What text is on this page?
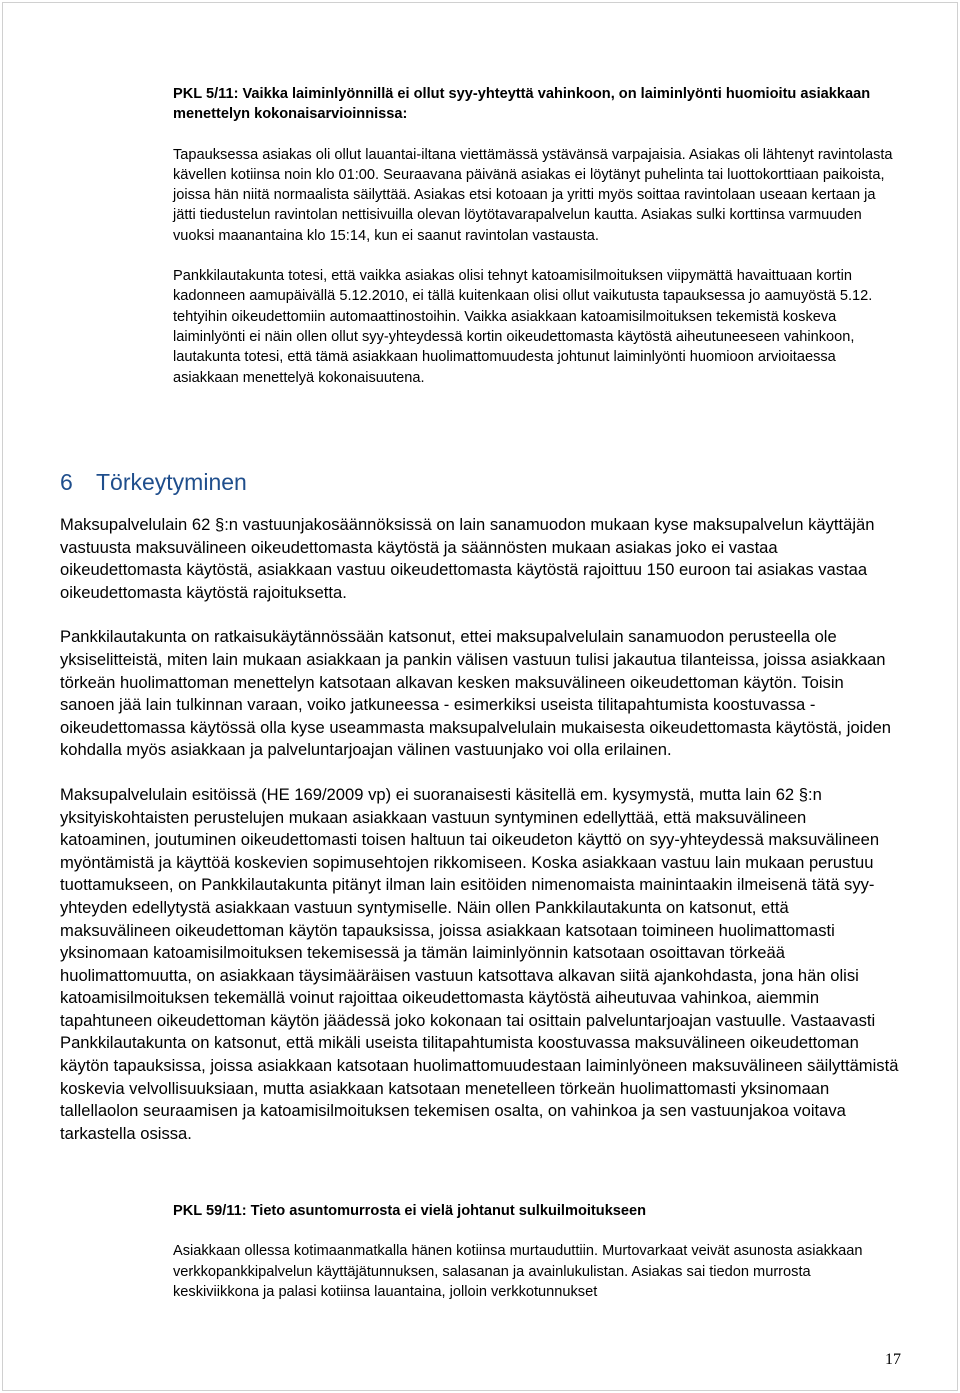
PKL 5/11: Vaikka laiminlyönnillä ei ollut syy-yhteyttä vahinkoon, on laiminlyönti huomioitu asiakkaan menettelyn kokonaisarvioinnissa:

Tapauksessa asiakas oli ollut lauantai-iltana viettämässä ystävänsä varpajaisia. Asiakas oli lähtenyt ravintolasta kävellen kotiinsa noin klo 01:00. Seuraavana päivänä asiakas ei löytänyt puhelinta tai luottokorttiaan paikoista, joissa hän niitä normaalista säilyttää. Asiakas etsi kotoaan ja yritti myös soittaa ravintolaan useaan kertaan ja jätti tiedustelun ravintolan nettisivuilla olevan löytötavarapalvelun kautta. Asiakas sulki korttinsa varmuuden vuoksi maanantaina klo 15:14, kun ei saanut ravintolan vastausta.

Pankkilautakunta totesi, että vaikka asiakas olisi tehnyt katoamisilmoituksen viipymättä havaittuaan kortin kadonneen aamupäivällä 5.12.2010, ei tällä kuitenkaan olisi ollut vaikutusta tapauksessa jo aamuyöstä 5.12. tehtyihin oikeudettomiin automaattinostoihin. Vaikka asiakkaan katoamisilmoituksen tekemistä koskeva laiminlyönti ei näin ollen ollut syy-yhteydessä kortin oikeudettomasta käytöstä aiheutuneeseen vahinkoon, lautakunta totesi, että tämä asiakkaan huolimattomuudesta johtunut laiminlyönti huomioon arvioitaessa asiakkaan menettelyä kokonaisuutena.

6 Törkeytyminen

Maksupalvelulain 62 §:n vastuunjakosäännöksissä on lain sanamuodon mukaan kyse maksupalvelun käyttäjän vastuusta maksuvälineen oikeudettomasta käytöstä ja säännösten mukaan asiakas joko ei vastaa oikeudettomasta käytöstä, asiakkaan vastuu oikeudettomasta käytöstä rajoittuu 150 euroon tai asiakas vastaa oikeudettomasta käytöstä rajoituksetta.

Pankkilautakunta on ratkaisukäytännössään katsonut, ettei maksupalvelulain sanamuodon perusteella ole yksiselitteistä, miten lain mukaan asiakkaan ja pankin välisen vastuun tulisi jakautua tilanteissa, joissa asiakkaan törkeän huolimattoman menettelyn katsotaan alkavan kesken maksuvälineen oikeudettoman käytön. Toisin sanoen jää lain tulkinnan varaan, voiko jatkuneessa - esimerkiksi useista tilitapahtumista koostuvassa - oikeudettomassa käytössä olla kyse useammasta maksupalvelulain mukaisesta oikeudettomasta käytöstä, joiden kohdalla myös asiakkaan ja palveluntarjoajan välinen vastuunjako voi olla erilainen.

Maksupalvelulain esitöissä (HE 169/2009 vp) ei suoranaisesti käsitellä em. kysymystä, mutta lain 62 §:n yksityiskohtaisten perustelujen mukaan asiakkaan vastuun syntyminen edellyttää, että maksuvälineen katoaminen, joutuminen oikeudettomasti toisen haltuun tai oikeudeton käyttö on syy-yhteydessä maksuvälineen myöntämistä ja käyttöä koskevien sopimusehtojen rikkomiseen. Koska asiakkaan vastuu lain mukaan perustuu tuottamukseen, on Pankkilautakunta pitänyt ilman lain esitöiden nimenomaista mainintaakin ilmeisenä tätä syy-yhteyden edellytystä asiakkaan vastuun syntymiselle. Näin ollen Pankkilautakunta on katsonut, että maksuvälineen oikeudettoman käytön tapauksissa, joissa asiakkaan katsotaan toimineen huolimattomasti yksinomaan katoamisilmoituksen tekemisessä ja tämän laiminlyönnin katsotaan osoittavan törkeää huolimattomuutta, on asiakkaan täysimääräisen vastuun katsottava alkavan siitä ajankohdasta, jona hän olisi katoamisilmoituksen tekemällä voinut rajoittaa oikeudettomasta käytöstä aiheutuvaa vahinkoa, aiemmin tapahtuneen oikeudettoman käytön jäädessä joko kokonaan tai osittain palveluntarjoajan vastuulle. Vastaavasti Pankkilautakunta on katsonut, että mikäli useista tilitapahtumista koostuvassa maksuvälineen oikeudettoman käytön tapauksissa, joissa asiakkaan katsotaan huolimattomuudestaan laiminlyöneen maksuvälineen säilyttämistä koskevia velvollisuuksiaan, mutta asiakkaan katsotaan menetelleen törkeän huolimattomasti yksinomaan tallellaolon seuraamisen ja katoamisilmoituksen tekemisen osalta, on vahinkoa ja sen vastuunjakoa voitava tarkastella osissa.

PKL 59/11: Tieto asuntomurrosta ei vielä johtanut sulkuilmoitukseen

Asiakkaan ollessa kotimaanmatkalla hänen kotiinsa murtauduttiin. Murtovarkaat veivät asunosta asiakkaan verkkopankkipalvelun käyttäjätunnuksen, salasanan ja avainlukulistan. Asiakas sai tiedon murrosta keskiviikkona ja palasi kotiinsa lauantaina, jolloin verkkotunnukset

17
